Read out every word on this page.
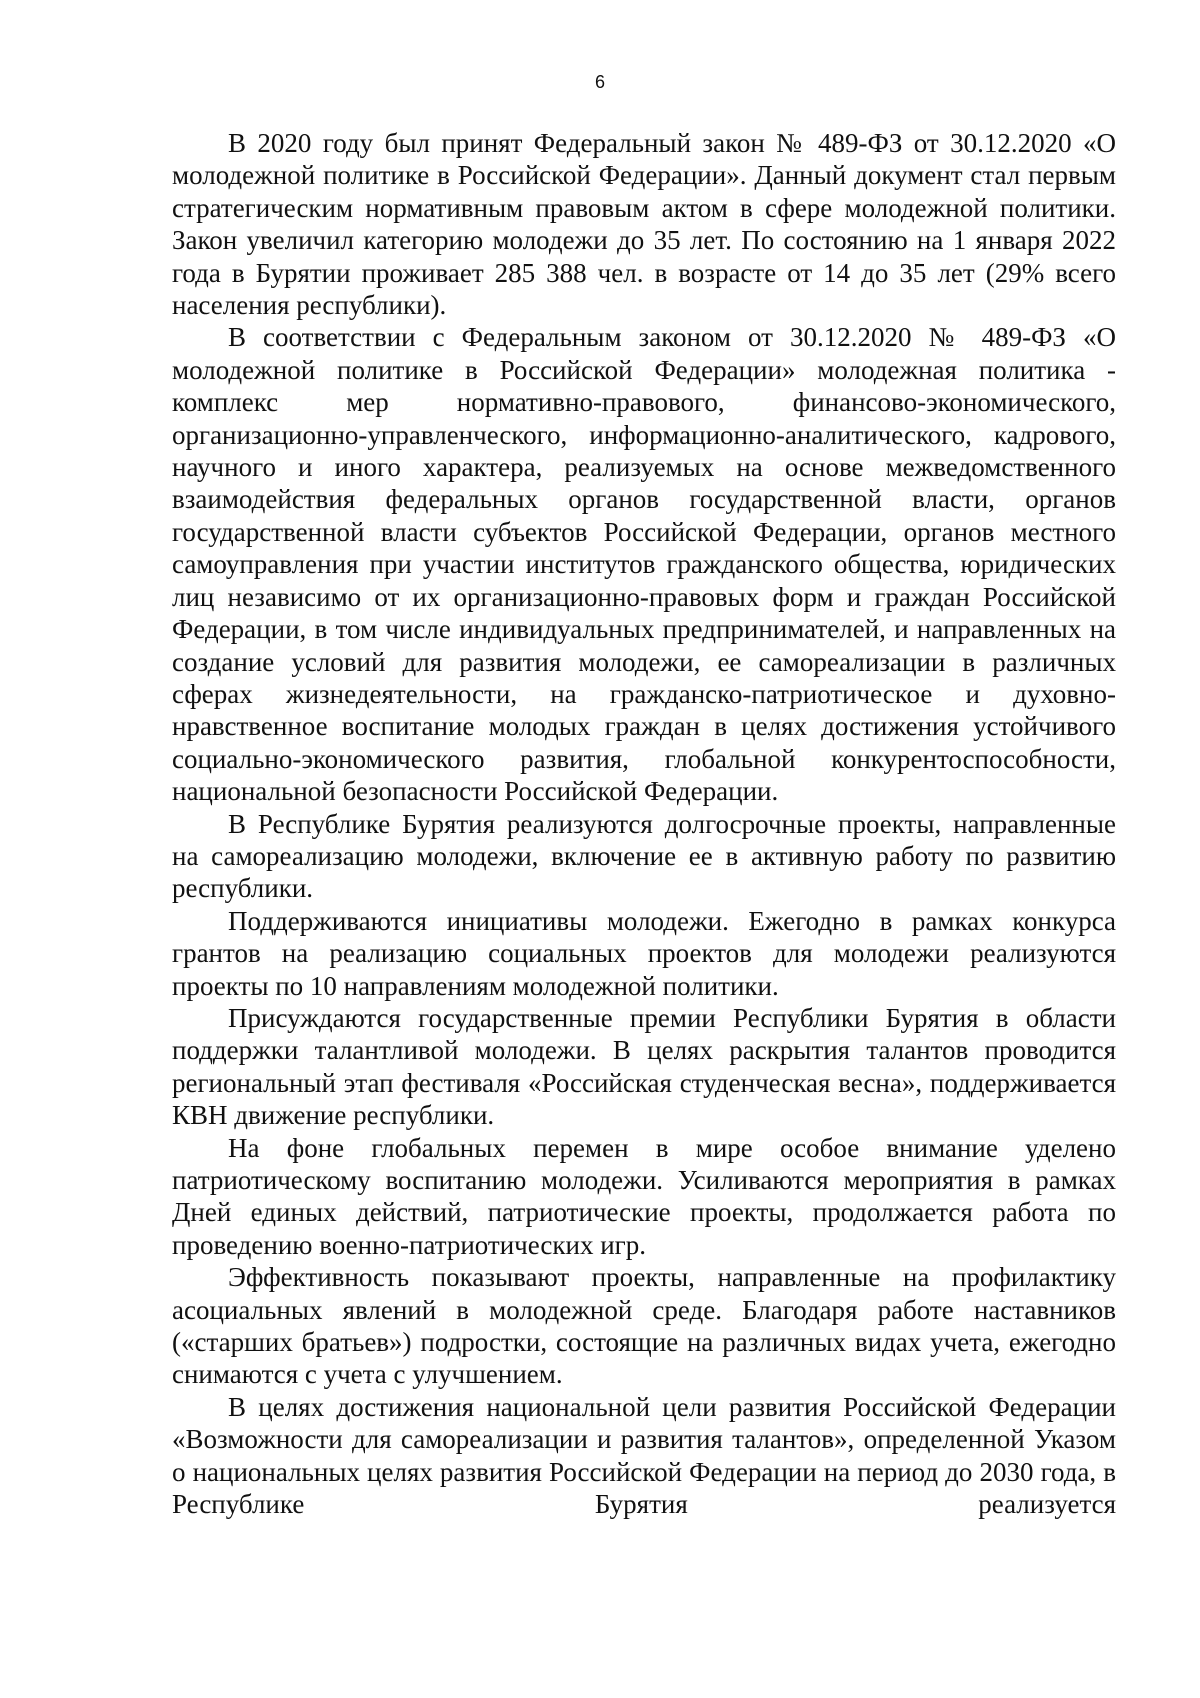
6

В 2020 году был принят Федеральный закон № 489-ФЗ от 30.12.2020 «О молодежной политике в Российской Федерации». Данный документ стал первым стратегическим нормативным правовым актом в сфере молодежной политики. Закон увеличил категорию молодежи до 35 лет. По состоянию на 1 января 2022 года в Бурятии проживает 285 388 чел. в возрасте от 14 до 35 лет (29% всего населения республики).

В соответствии с Федеральным законом от 30.12.2020 № 489-ФЗ «О молодежной политике в Российской Федерации» молодежная политика - комплекс мер нормативно-правового, финансово-экономического, организационно-управленческого, информационно-аналитического, кадрового, научного и иного характера, реализуемых на основе межведомственного взаимодействия федеральных органов государственной власти, органов государственной власти субъектов Российской Федерации, органов местного самоуправления при участии институтов гражданского общества, юридических лиц независимо от их организационно-правовых форм и граждан Российской Федерации, в том числе индивидуальных предпринимателей, и направленных на создание условий для развития молодежи, ее самореализации в различных сферах жизнедеятельности, на гражданско-патриотическое и духовно-нравственное воспитание молодых граждан в целях достижения устойчивого социально-экономического развития, глобальной конкурентоспособности, национальной безопасности Российской Федерации.

В Республике Бурятия реализуются долгосрочные проекты, направленные на самореализацию молодежи, включение ее в активную работу по развитию республики.

Поддерживаются инициативы молодежи. Ежегодно в рамках конкурса грантов на реализацию социальных проектов для молодежи реализуются проекты по 10 направлениям молодежной политики.

Присуждаются государственные премии Республики Бурятия в области поддержки талантливой молодежи. В целях раскрытия талантов проводится региональный этап фестиваля «Российская студенческая весна», поддерживается КВН движение республики.

На фоне глобальных перемен в мире особое внимание уделено патриотическому воспитанию молодежи. Усиливаются мероприятия в рамках Дней единых действий, патриотические проекты, продолжается работа по проведению военно-патриотических игр.

Эффективность показывают проекты, направленные на профилактику асоциальных явлений в молодежной среде. Благодаря работе наставников («старших братьев») подростки, состоящие на различных видах учета, ежегодно снимаются с учета с улучшением.

В целях достижения национальной цели развития Российской Федерации «Возможности для самореализации и развития талантов», определенной Указом о национальных целях развития Российской Федерации на период до 2030 года, в Республике Бурятия реализуется
